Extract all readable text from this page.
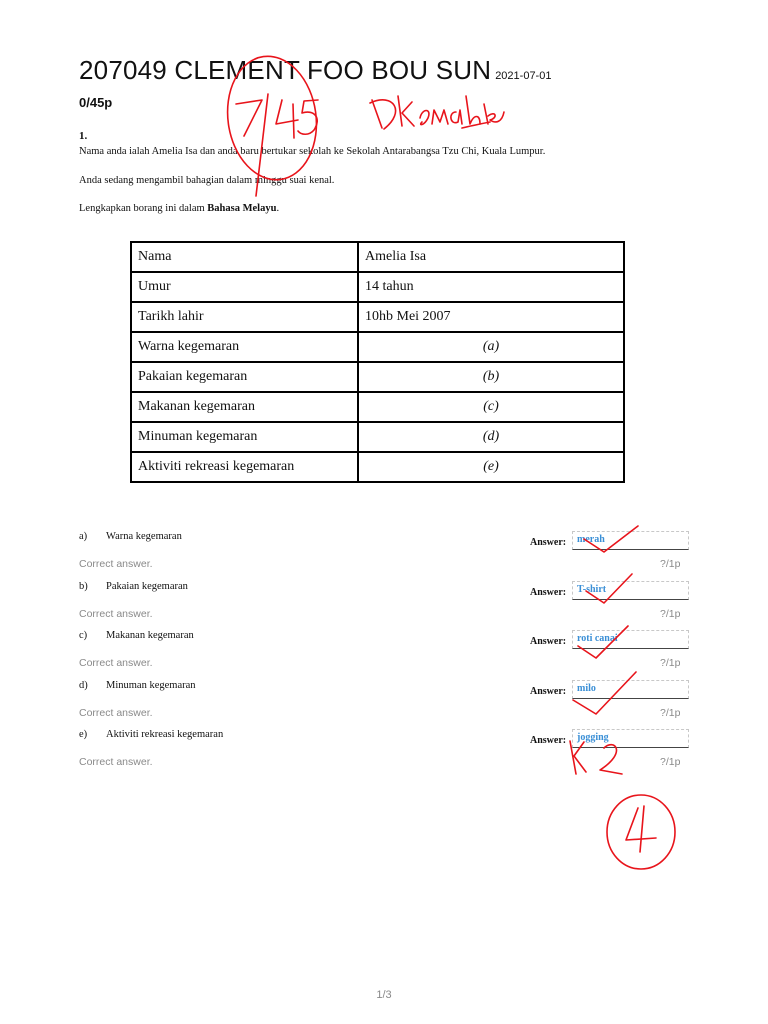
207049 CLEMENT FOO BOU SUN 2021-07-01
0/45p
1.
Nama anda ialah Amelia Isa dan anda baru bertukar sekolah ke Sekolah Antarabangsa Tzu Chi, Kuala Lumpur.
Anda sedang mengambil bahagian dalam minggu suai kenal.
Lengkapkan borang ini dalam Bahasa Melayu.
Nama	Amelia Isa
Umur	14 tahun
Tarikh lahir	10hb Mei 2007
Warna kegemaran	(a)
Pakaian kegemaran	(b)
Makanan kegemaran	(c)
Minuman kegemaran	(d)
Aktiviti rekreasi kegemaran	(e)
a) Warna kegemaran
Answer: merah
Correct answer.	?/1p
b) Pakaian kegemaran
Answer: T-shirt
Correct answer.	?/1p
c) Makanan kegemaran
Answer: roti canai
Correct answer.	?/1p
d) Minuman kegemaran
Answer: milo
Correct answer.	?/1p
e) Aktiviti rekreasi kegemaran
Answer: jogging
Correct answer.	?/1p
1/3
